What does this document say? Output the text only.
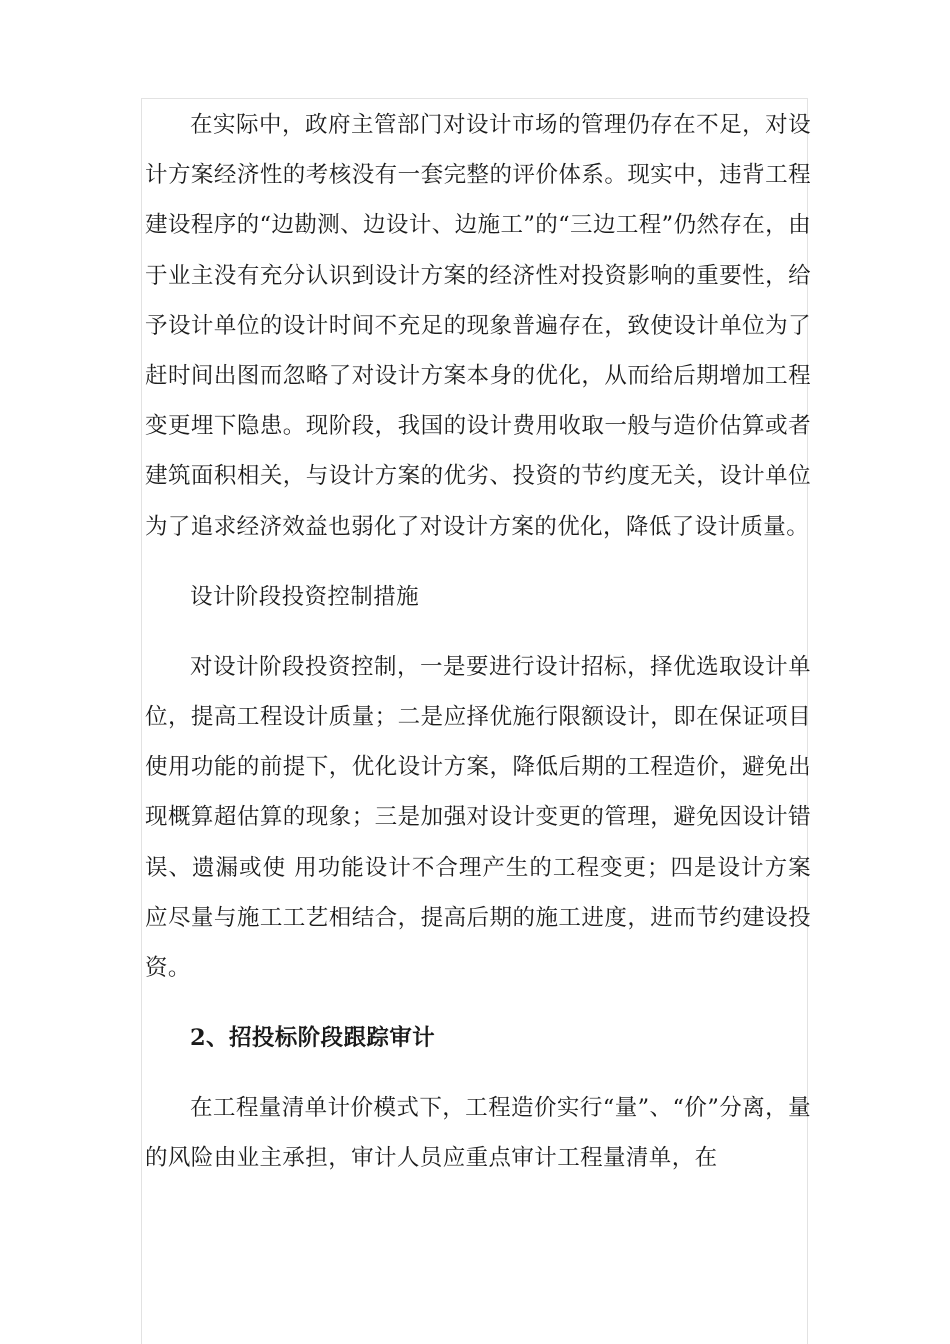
在实际中，政府主管部门对设计市场的管理仍存在不足，对设计方案经济性的考核没有一套完整的评价体系。现实中，违背工程建设程序的“边勘测、边设计、边施工”的“三边工程”仍然存在，由于业主没有充分认识到设计方案的经济性对投资影响的重要性，给予设计单位的设计时间不充足的现象普遍存在，致使设计单位为了赶时间出图而忽略了对设计方案本身的优化，从而给后期增加工程变更埋下隐患。现阶段，我国的设计费用收取一般与造价估算或者建筑面积相关，与设计方案的优劣、投资的节约度无关，设计单位为了追求经济效益也弱化了对设计方案的优化，降低了设计质量。

设计阶段投资控制措施

对设计阶段投资控制，一是要进行设计招标，择优选取设计单位，提高工程设计质量；二是应择优施行限额设计，即在保证项目使用功能的前提下，优化设计方案，降低后期的工程造价，避免出现概算超估算的现象；三是加强对设计变更的管理，避免因设计错误、遗漏或使 用功能设计不合理产生的工程变更；四是设计方案应尽量与施工工艺相结合，提高后期的施工进度，进而节约建设投资。

2、招投标阶段跟踪审计

在工程量清单计价模式下，工程造价实行“量”、“价”分离，量的风险由业主承担，审计人员应重点审计工程量清单，在
